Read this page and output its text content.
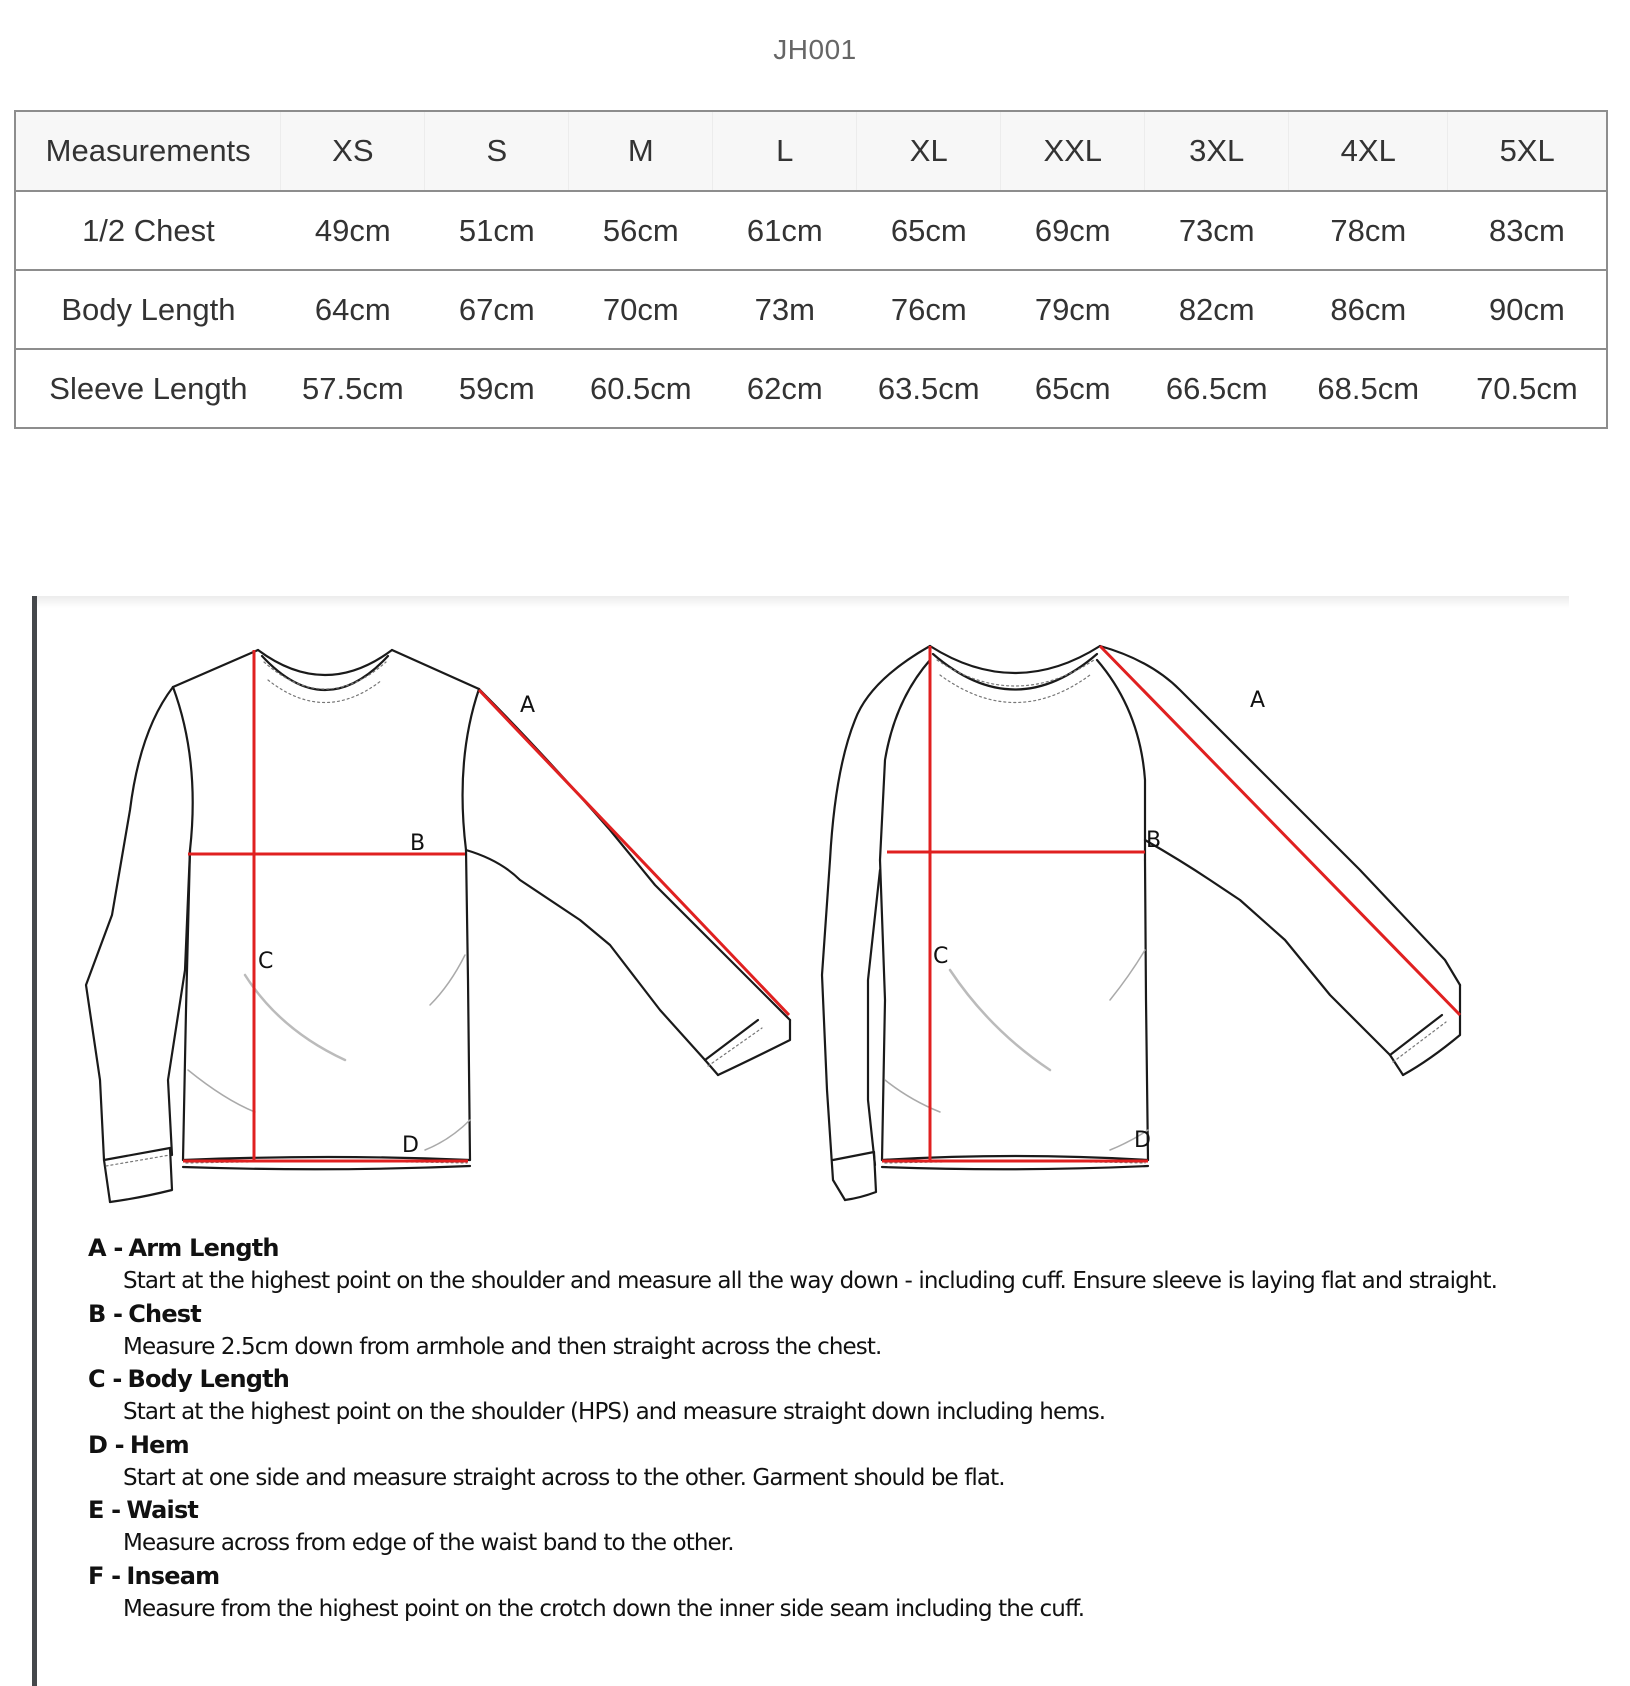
JH001
Measurements	XS	S	M	L	XL	XXL	3XL	4XL	5XL
1/2 Chest	49cm	51cm	56cm	61cm	65cm	69cm	73cm	78cm	83cm
Body Length	64cm	67cm	70cm	73m	76cm	79cm	82cm	86cm	90cm
Sleeve Length	57.5cm	59cm	60.5cm	62cm	63.5cm	65cm	66.5cm	68.5cm	70.5cm
A
B
C
D
A
B
C
D
A - Arm Length
Start at the highest point on the shoulder and measure all the way down - including cuff. Ensure sleeve is laying flat and straight.
B - Chest
Measure 2.5cm down from armhole and then straight across the chest.
C - Body Length
Start at the highest point on the shoulder (HPS) and measure straight down including hems.
D - Hem
Start at one side and measure straight across to the other. Garment should be flat.
E - Waist
Measure across from edge of the waist band to the other.
F - Inseam
Measure from the highest point on the crotch down the inner side seam including the cuff.
